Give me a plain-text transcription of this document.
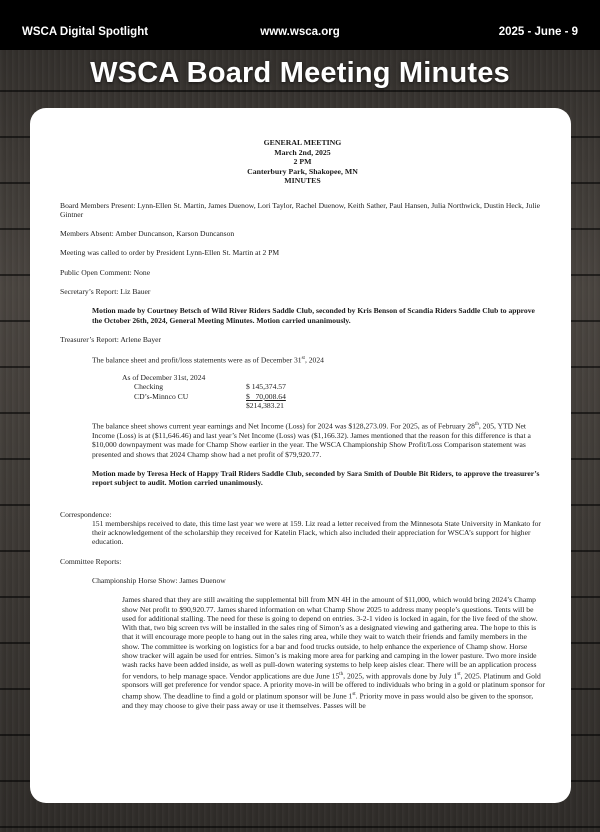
WSCA Digital Spotlight	www.wsca.org	2025 - June - 9
WSCA Board Meeting Minutes

GENERAL MEETING

March 2nd, 2025

2 PM

Canterbury Park, Shakopee, MN

MINUTES

Board Members Present: Lynn-Ellen St. Martin, James Duenow, Lori Taylor, Rachel Duenow, Keith Sather, Paul Hansen, Julia Northwick, Dustin Heck, Julie Gintner

Members Absent: Amber Duncanson, Karson Duncanson

Meeting was called to order by President Lynn-Ellen St. Martin at 2 PM

Public Open Comment: None

Secretary’s Report: Liz Bauer

Motion made by Courtney Betsch of Wild River Riders Saddle Club, seconded by Kris Benson of Scandia Riders Saddle Club to approve the October 26th, 2024, General Meeting Minutes. Motion carried unanimously.

Treasurer’s Report: Arlene Bayer

The balance sheet and profit/loss statements were as of December 31st, 2024

As of December 31st, 2024

Checking	$ 145,374.57
CD’s-Minnco CU	$   70,008.64
$214,383.21

The balance sheet shows current year earnings and Net Income (Loss) for 2024 was $128,273.09. For 2025, as of February 28th, 205, YTD Net Income (Loss) is at ($11,646.46) and last year’s Net Income (Loss) was ($1,166.32). James mentioned that the reason for this difference is that a $10,000 downpayment was made for Champ Show earlier in the year. The WSCA Championship Show Profit/Loss Comparison statement was presented and shows that 2024 Champ show had a net profit of $79,920.77.

Motion made by Teresa Heck of Happy Trail Riders Saddle Club, seconded by Sara Smith of Double Bit Riders, to approve the treasurer’s report subject to audit. Motion carried unanimously.

Correspondence:

151 memberships received to date, this time last year we were at 159. Liz read a letter received from the Minnesota State University in Mankato for their acknowledgement of the scholarship they received for Katelin Flack, which also included their appreciation for WSCA’s support for higher education.

Committee Reports:

Championship Horse Show: James Duenow

James shared that they are still awaiting the supplemental bill from MN 4H in the amount of $11,000, which would bring 2024’s Champ show Net profit to $90,920.77. James shared information on what Champ Show 2025 to address many people’s questions. Tents will be used for additional stalling. The need for these is going to depend on entries. 3-2-1 video is locked in again, for the live feed of the show. With that, two big screen tvs will be installed in the sales ring of Simon’s as a designated viewing and gathering area. The hope to this is that it will encourage more people to hang out in the sales ring area, while they wait to watch their friends and family members in the show. The committee is working on logistics for a bar and food trucks outside, to help enhance the experience of Champ show. Horse show tracker will again be used for entries. Simon’s is making more area for parking and camping in the lower pasture. Two more inside wash racks have been added inside, as well as pull-down watering systems to help keep aisles clear. There will be an application process for vendors, to help manage space. Vendor applications are due June 15th, 2025, with approvals done by July 1st, 2025. Platinum and Gold sponsors will get preference for vendor space. A priority move-in will be offered to individuals who bring in a gold or platinum sponsor for champ show. The deadline to find a gold or platinum sponsor will be June 1st. Priority move in pass would also be given to the sponsor, and they may choose to give their pass away or use it themselves. Passes will be
